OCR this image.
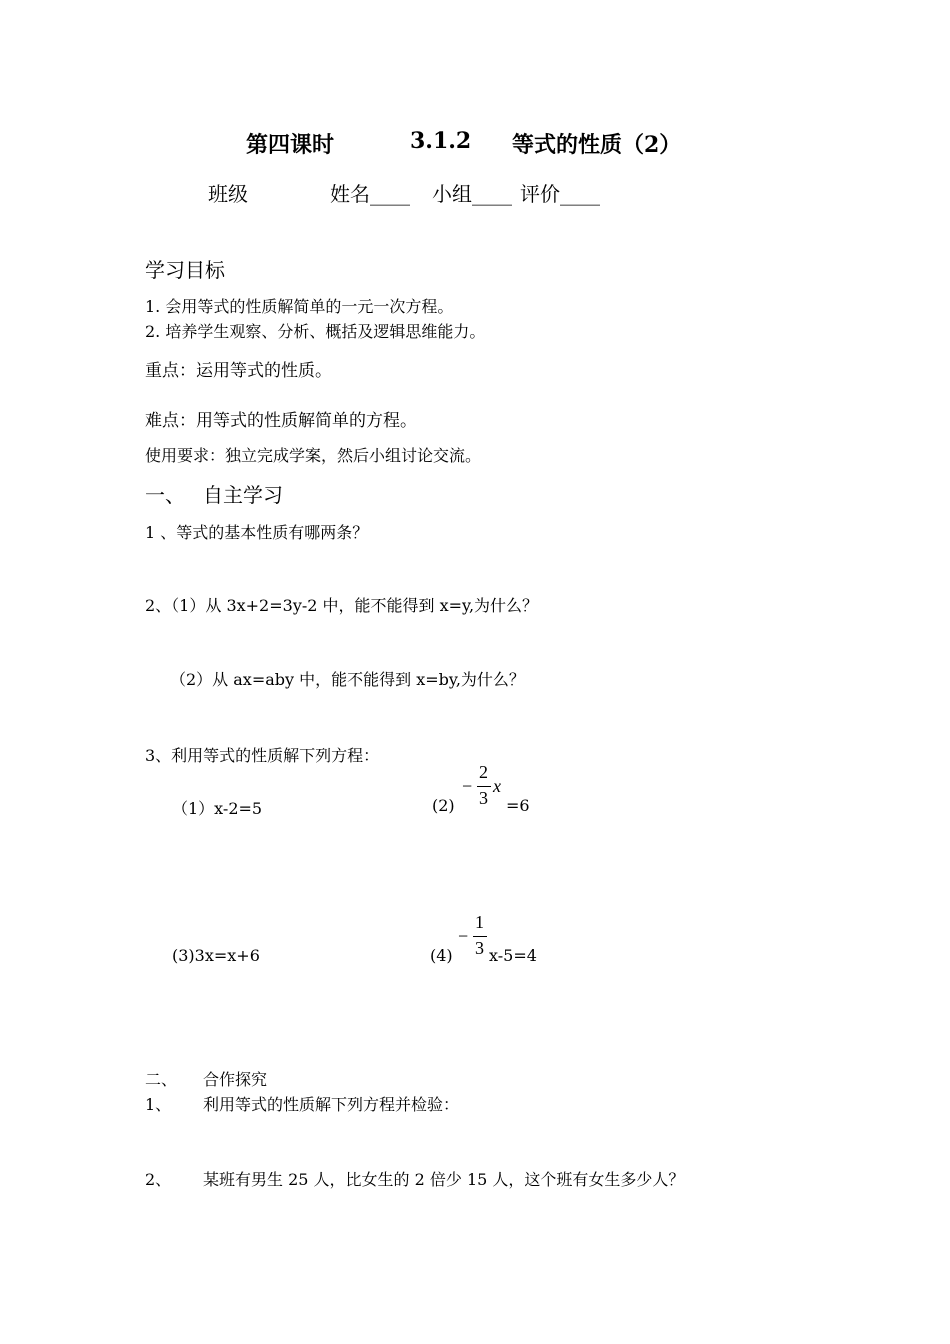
第四课时	3.1.2 等式的性质（2）
班级	姓名____ 小组____ 评价____
学习目标
1. 会用等式的性质解简单的一元一次方程。
2. 培养学生观察、分析、概括及逻辑思维能力。
重点：运用等式的性质。
难点：用等式的性质解简单的方程。
使用要求：独立完成学案，然后小组讨论交流。
一、 自主学习
1 、等式的基本性质有哪两条？
2、（1）从 3x+2=3y-2 中，能不能得到 x=y,为什么？
（2）从 ax=aby 中，能不能得到 x=by,为什么？
3、利用等式的性质解下列方程：
（1）x-2=5	(2)
−
2
3
x
=6
(3)3x=x+6	(4)
−
1
3 x-5=4
二、 合作探究
1、 利用等式的性质解下列方程并检验：
2、 某班有男生 25 人，比女生的 2 倍少 15 人，这个班有女生多少人？
